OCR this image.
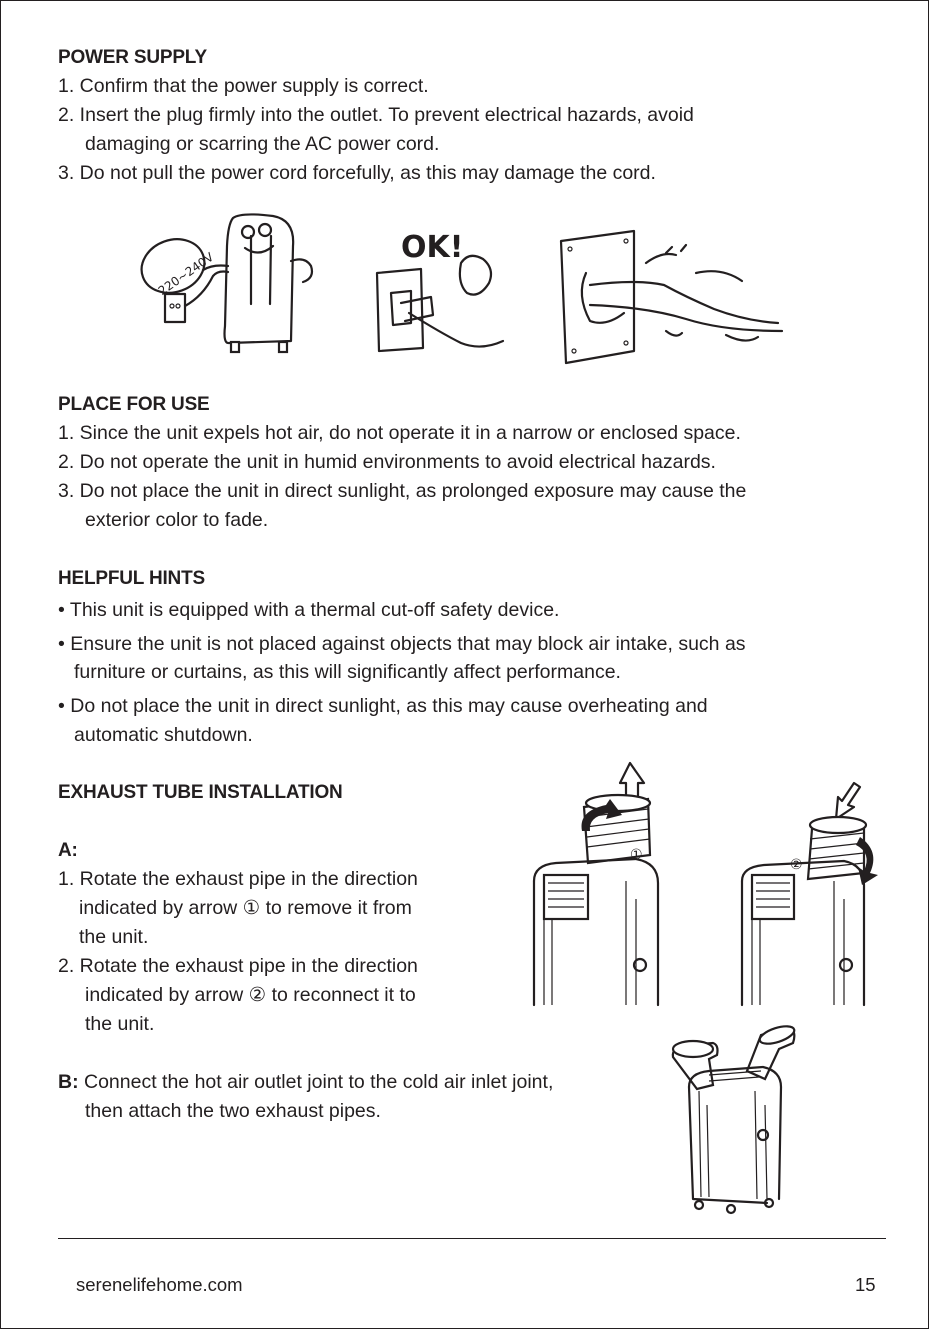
POWER SUPPLY

1. Confirm that the power supply is correct.

2. Insert the plug firmly into the outlet. To prevent electrical hazards, avoid

damaging or scarring the AC power cord.

3. Do not pull the power cord forcefully, as this may damage the cord.

220~240V
OK!
PLACE FOR USE

1. Since the unit expels hot air, do not operate it in a narrow or enclosed space.

2. Do not operate the unit in humid environments to avoid electrical hazards.

3. Do not place the unit in direct sunlight, as prolonged exposure may cause the

exterior color to fade.

HELPFUL HINTS

• This unit is equipped with a thermal cut-off safety device.

• Ensure the unit is not placed against objects that may block air intake, such as

furniture or curtains, as this will significantly affect performance.

• Do not place the unit in direct sunlight, as this may cause overheating and

automatic shutdown.

EXHAUST TUBE INSTALLATION
A:

1. Rotate the exhaust pipe in the direction

indicated by arrow ① to remove it from

the unit.

2. Rotate the exhaust pipe in the direction

indicated by arrow ② to reconnect it to

the unit.

B: Connect the hot air outlet joint to the cold air inlet joint,

then attach the two exhaust pipes.

①
②
serenelifehome.com	15
